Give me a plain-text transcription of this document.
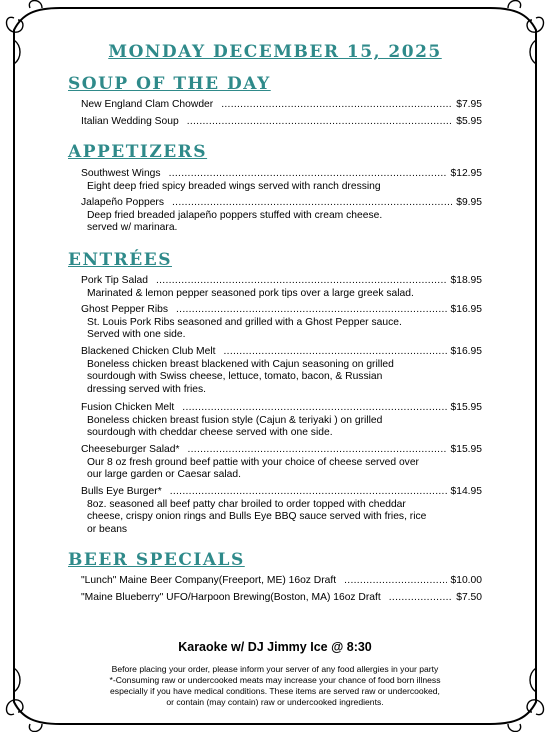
MONDAY DECEMBER 15, 2025
SOUP OF THE DAY
New England Clam Chowder .....	$7.95
Italian Wedding Soup .....	$5.95
APPETIZERS
Southwest Wings .....	$12.95
Eight deep fried spicy breaded wings served with ranch dressing
Jalapeño Poppers .....	$9.95
Deep fried breaded jalapeño poppers stuffed with cream cheese. served w/ marinara.
ENTRÉES
Pork Tip Salad .....	$18.95
Marinated & lemon pepper seasoned pork tips over a large greek salad.
Ghost Pepper Ribs .....	$16.95
St. Louis Pork Ribs seasoned and grilled with a Ghost Pepper sauce. Served with one side.
Blackened Chicken Club Melt .....	$16.95
Boneless chicken breast blackened with Cajun seasoning on grilled sourdough with Swiss cheese, lettuce, tomato, bacon, & Russian dressing served with fries.
Fusion Chicken Melt .....	$15.95
Boneless chicken breast fusion style (Cajun & teriyaki ) on grilled sourdough with cheddar cheese served with one side.
Cheeseburger Salad* .....	$15.95
Our 8 oz fresh ground beef pattie with your choice of cheese served over our large garden or Caesar salad.
Bulls Eye Burger* .....	$14.95
8oz. seasoned all beef patty char broiled to order topped with cheddar cheese, crispy onion rings and Bulls Eye BBQ sauce served with fries, rice or beans
BEER SPECIALS
"Lunch" Maine Beer Company(Freeport, ME) 16oz Draft .....	$10.00
"Maine Blueberry" UFO/Harpoon Brewing(Boston, MA) 16oz Draft .....	$7.50
Karaoke w/ DJ Jimmy Ice @ 8:30
Before placing your order, please inform your server of any food allergies in your party
*-Consuming raw or undercooked meats may increase your chance of food born illness
especially if you have medical conditions. These items are served raw or undercooked,
or contain (may contain) raw or undercooked ingredients.
